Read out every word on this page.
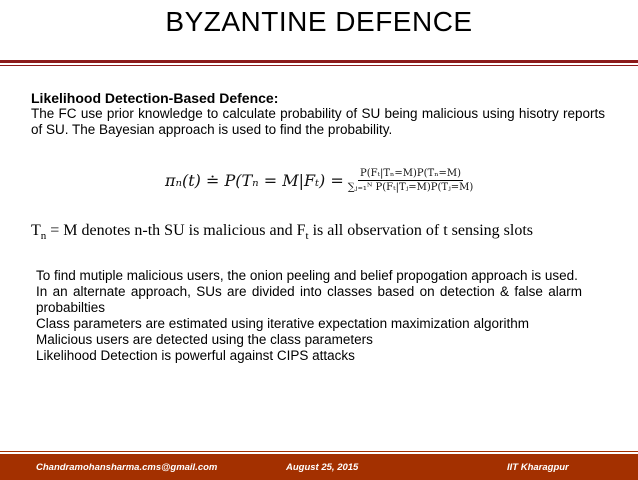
BYZANTINE DEFENCE
Likelihood Detection-Based Defence:
The FC use prior knowledge to calculate probability of SU being malicious using hisotry reports of SU. The Bayesian approach is used to find the probability.
πₙ(t) ≐ $P(T_n = M|F_t) = \frac{\text{P(Fₜ|Tₙ=M)P(Tₙ=M)}}{\text{∑ⱼ₌₁ᴺ P(Fₜ|Tⱼ=M)P(Tⱼ=M)}}$
$T_n = M$ denotes n-th SU is malicious and $F_t$ is all observation of t sensing slots

To find mutiple malicious users, the onion peeling and belief propogation approach is used.

In an alternate approach, SUs are divided into classes based on detection & false alarm probabilties

Class parameters are estimated using iterative expectation maximization algorithm

Malicious users are detected using the class parameters

Likelihood Detection is powerful against CIPS attacks

Chandramohansharma.cms@gmail.com	August 25, 2015	IIT Kharagpur
